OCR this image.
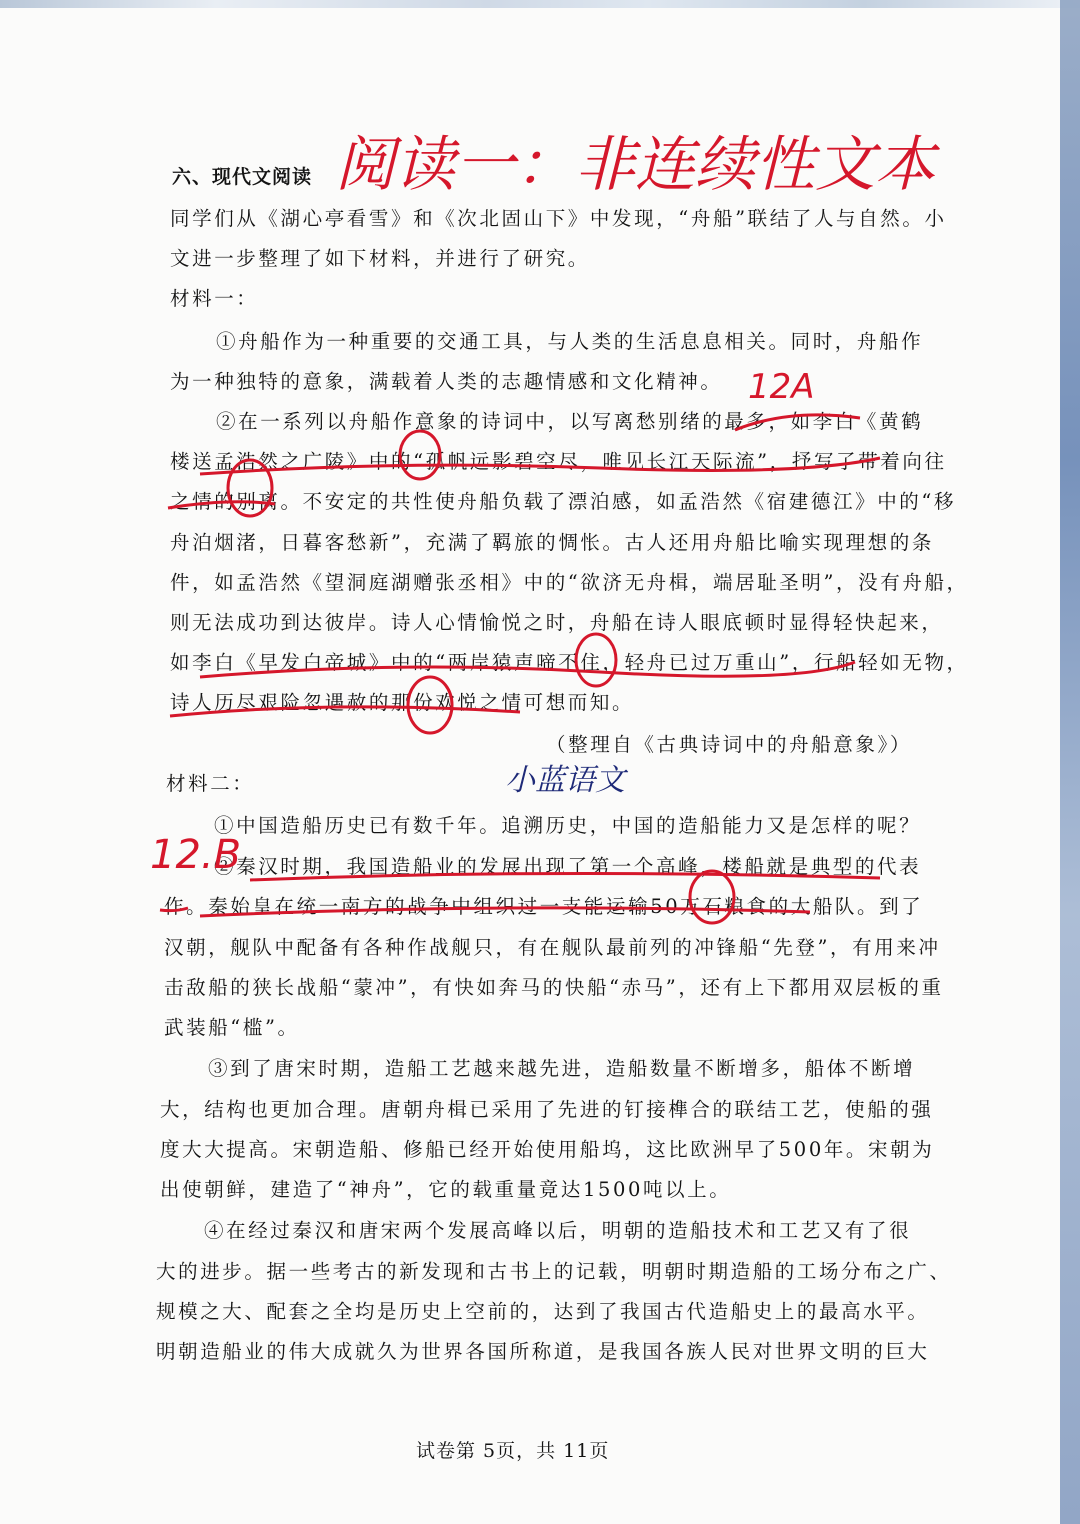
六、现代文阅读
同学们从《湖心亭看雪》和《次北固山下》中发现，“舟船”联结了人与自然。小
文进一步整理了如下材料，并进行了研究。
材料一：
①舟船作为一种重要的交通工具，与人类的生活息息相关。同时，舟船作
为一种独特的意象，满载着人类的志趣情感和文化精神。
②在一系列以舟船作意象的诗词中，以写离愁别绪的最多，如李白《黄鹤
楼送孟浩然之广陵》中的“孤帆远影碧空尽，唯见长江天际流”，抒写了带着向往
之情的别离。不安定的共性使舟船负载了漂泊感，如孟浩然《宿建德江》中的“移
舟泊烟渚，日暮客愁新”，充满了羁旅的惆怅。古人还用舟船比喻实现理想的条
件，如孟浩然《望洞庭湖赠张丞相》中的“欲济无舟楫，端居耻圣明”，没有舟船，
则无法成功到达彼岸。诗人心情愉悦之时，舟船在诗人眼底顿时显得轻快起来，
如李白《早发白帝城》中的“两岸猿声啼不住，轻舟已过万重山”，行船轻如无物，
诗人历尽艰险忽遇赦的那份欢悦之情可想而知。
（整理自《古典诗词中的舟船意象》）
材料二：
①中国造船历史已有数千年。追溯历史，中国的造船能力又是怎样的呢？
②秦汉时期，我国造船业的发展出现了第一个高峰，楼船就是典型的代表
作。秦始皇在统一南方的战争中组织过一支能运输50万石粮食的大船队。到了
汉朝，舰队中配备有各种作战舰只，有在舰队最前列的冲锋船“先登”，有用来冲
击敌船的狭长战船“蒙冲”，有快如奔马的快船“赤马”，还有上下都用双层板的重
武装船“槛”。
③到了唐宋时期，造船工艺越来越先进，造船数量不断增多，船体不断增
大，结构也更加合理。唐朝舟楫已采用了先进的钉接榫合的联结工艺，使船的强
度大大提高。宋朝造船、修船已经开始使用船坞，这比欧洲早了500年。宋朝为
出使朝鲜，建造了“神舟”，它的载重量竟达1500吨以上。
④在经过秦汉和唐宋两个发展高峰以后，明朝的造船技术和工艺又有了很
大的进步。据一些考古的新发现和古书上的记载，明朝时期造船的工场分布之广、
规模之大、配套之全均是历史上空前的，达到了我国古代造船史上的最高水平。
明朝造船业的伟大成就久为世界各国所称道，是我国各族人民对世界文明的巨大
试卷第 5页，共 11页
阅读一：非连续性文本
12A
小蓝语文
12.B
